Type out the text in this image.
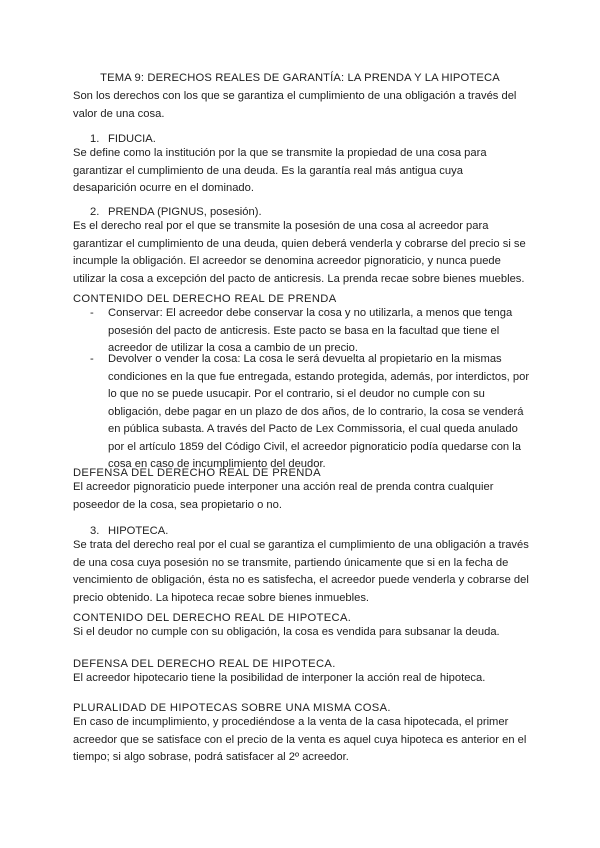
TEMA 9: DERECHOS REALES DE GARANTÍA: LA PRENDA Y LA HIPOTECA

Son los derechos con los que se garantiza el cumplimiento de una obligación a través del valor de una cosa.

1. FIDUCIA.

Se define como la institución por la que se transmite la propiedad de una cosa para garantizar el cumplimiento de una deuda. Es la garantía real más antigua cuya desaparición ocurre en el dominado.

2. PRENDA (PIGNUS, posesión).

Es el derecho real por el que se transmite la posesión de una cosa al acreedor para garantizar el cumplimiento de una deuda, quien deberá venderla y cobrarse del precio si se incumple la obligación. El acreedor se denomina acreedor pignoraticio, y nunca puede utilizar la cosa a excepción del pacto de anticresis. La prenda recae sobre bienes muebles.

CONTENIDO DEL DERECHO REAL DE PRENDA
- Conservar: El acreedor debe conservar la cosa y no utilizarla, a menos que tenga posesión del pacto de anticresis. Este pacto se basa en la facultad que tiene el acreedor de utilizar la cosa a cambio de un precio.
- Devolver o vender la cosa: La cosa le será devuelta al propietario en la mismas condiciones en la que fue entregada, estando protegida, además, por interdictos, por lo que no se puede usucapir. Por el contrario, si el deudor no cumple con su obligación, debe pagar en un plazo de dos años, de lo contrario, la cosa se venderá en pública subasta. A través del Pacto de Lex Commissoria, el cual queda anulado por el artículo 1859 del Código Civil, el acreedor pignoraticio podía quedarse con la cosa en caso de incumplimiento del deudor.
DEFENSA DEL DERECHO REAL DE PRENDA

El acreedor pignoraticio puede interponer una acción real de prenda contra cualquier poseedor de la cosa, sea propietario o no.

3. HIPOTECA.

Se trata del derecho real por el cual se garantiza el cumplimiento de una obligación a través de una cosa cuya posesión no se transmite, partiendo únicamente que si en la fecha de vencimiento de obligación, ésta no es satisfecha, el acreedor puede venderla y cobrarse del precio obtenido. La hipoteca recae sobre bienes inmuebles.

CONTENIDO DEL DERECHO REAL DE HIPOTECA.

Si el deudor no cumple con su obligación, la cosa es vendida para subsanar la deuda.

DEFENSA DEL DERECHO REAL DE HIPOTECA.

El acreedor hipotecario tiene la posibilidad de interponer la acción real de hipoteca.

PLURALIDAD DE HIPOTECAS SOBRE UNA MISMA COSA.

En caso de incumplimiento, y procediéndose a la venta de la casa hipotecada, el primer acreedor que se satisface con el precio de la venta es aquel cuya hipoteca es anterior en el tiempo; si algo sobrase, podrá satisfacer al 2º acreedor.
